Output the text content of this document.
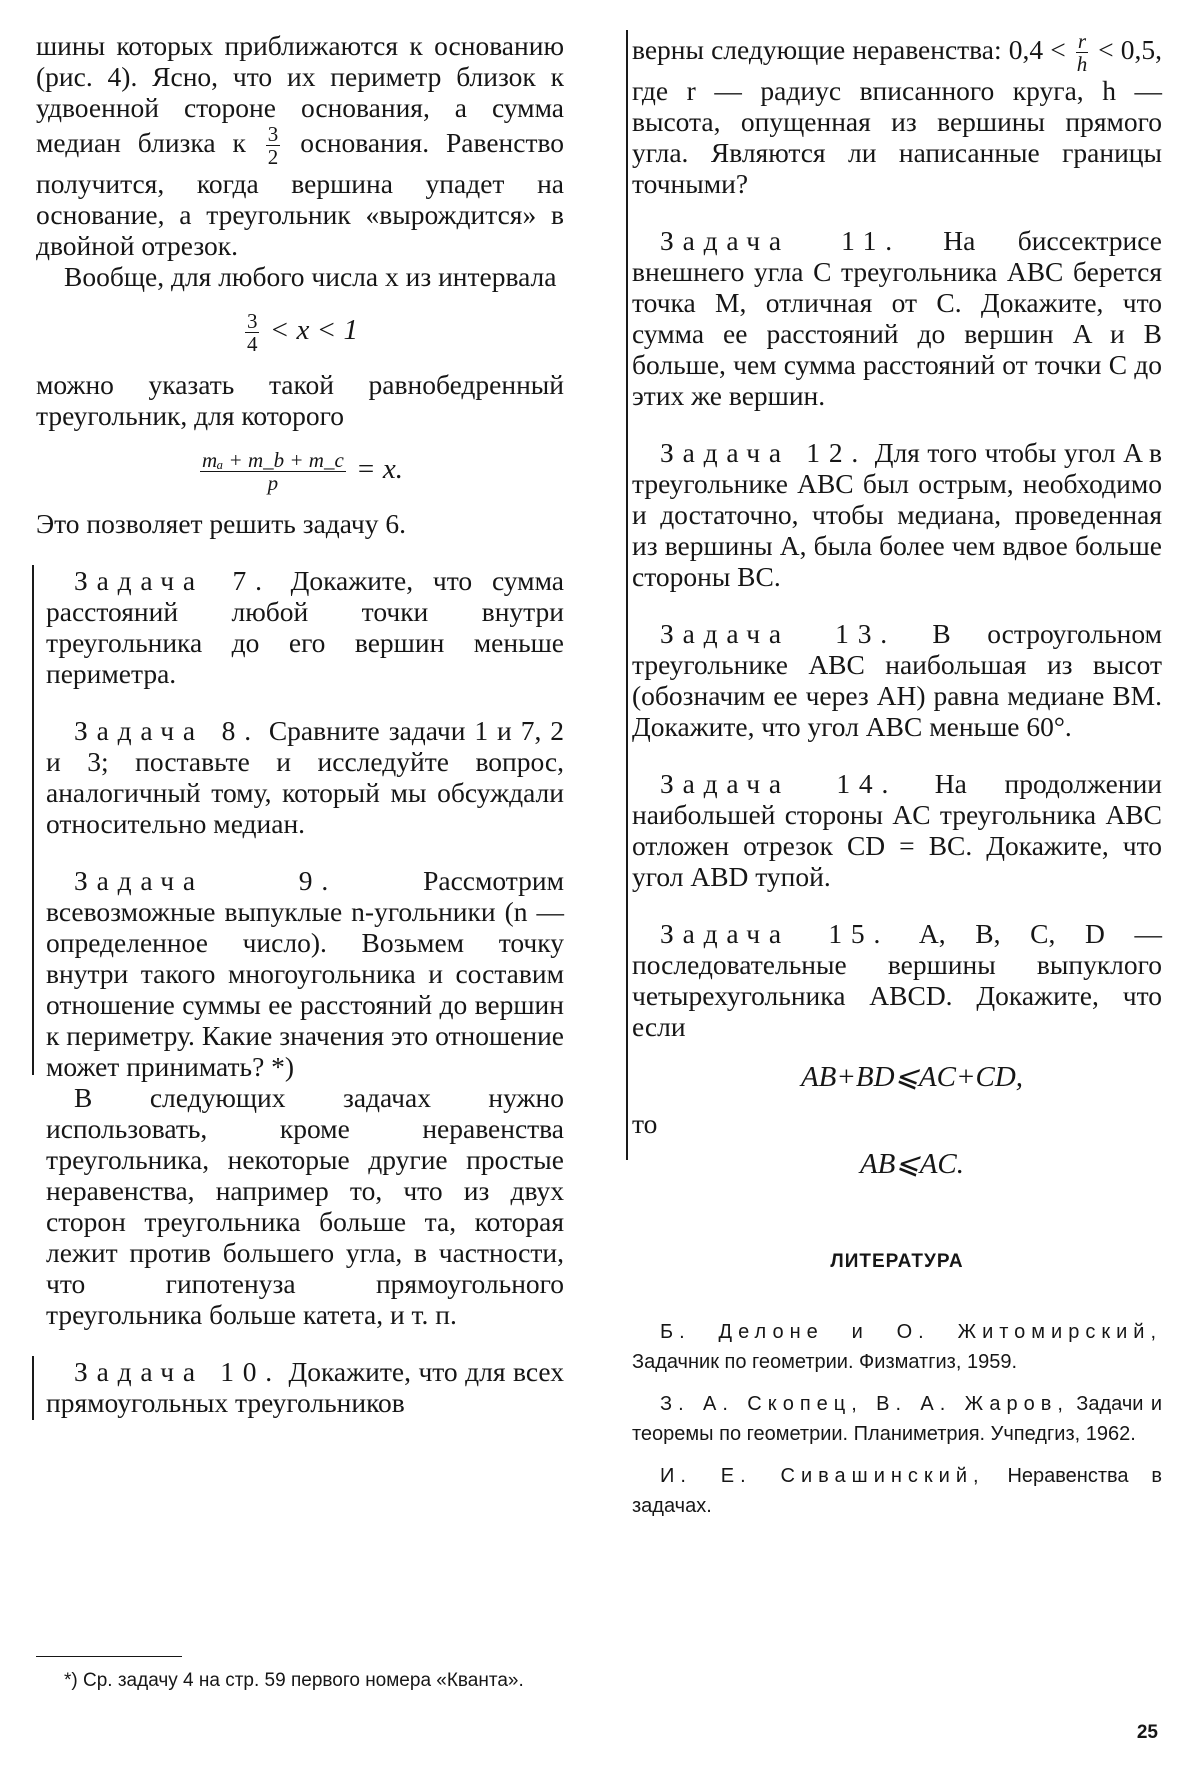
шины которых приближаются к основанию (рис. 4). Ясно, что их периметр близок к удвоенной стороне основания, а сумма медиан близка к $\frac{3}{2}$ основания. Равенство получится, когда вершина упадет на основание, а треугольник «вырождится» в двойной отрезок.

Вообще, для любого числа x из интервала

$\frac{3}{4} < x < 1$

можно указать такой равнобедренный треугольник, для которого

$\frac{\text{mₐ + m\_b + m\_c}}{p} = x$.

Это позволяет решить задачу 6.

Задача 7. Докажите, что сумма расстояний любой точки внутри треугольника до его вершин меньше периметра.

Задача 8. Сравните задачи 1 и 7, 2 и 3; поставьте и исследуйте вопрос, аналогичный тому, который мы обсуждали относительно медиан.

Задача 9.	Рассмотрим всевозможные выпуклые n-угольники (n — определенное число). Возьмем точку внутри такого многоугольника и составим отношение суммы ее расстояний до вершин к периметру. Какие значения это отношение может принимать? *)

В следующих задачах нужно использовать, кроме неравенства треугольника, некоторые другие простые неравенства, например то, что из двух сторон треугольника больше та, которая лежит против большего угла, в частности, что гипотенуза прямоугольного треугольника больше катета, и т. п.

Задача 10. Докажите, что для всех прямоугольных треугольников

верны следующие неравенства: $0,4 < \frac{r}{h} < 0,5$, где r — радиус вписанного круга, h — высота, опущенная из вершины прямого угла. Являются ли написанные границы точными?

Задача 11. На биссектрисе внешнего угла C треугольника ABC берется точка M, отличная от C. Докажите, что сумма ее расстояний до вершин A и B больше, чем сумма расстояний от точки C до этих же вершин.

Задача 12. Для того чтобы угол A в треугольнике ABC был острым, необходимо и достаточно, чтобы медиана, проведенная из вершины A, была более чем вдвое больше стороны BC.

Задача 13. В остроугольном треугольнике ABC наибольшая из высот (обозначим ее через AH) равна медиане BM. Докажите, что угол ABC меньше 60°.

Задача 14. На продолжении наибольшей стороны AC треугольника ABC отложен отрезок CD = BC. Докажите, что угол ABD тупой.

Задача 15. A, B, C, D — последовательные вершины выпуклого четырехугольника ABCD. Докажите, что если

AB+BD⩽AC+CD,

то

AB⩽AC.

ЛИТЕРАТУРА

Б. Делоне и О. Житомирский, Задачник по геометрии. Физматгиз, 1959.

З. А. Скопец, В. А. Жаров, Задачи и теоремы по геометрии. Планиметрия. Учпедгиз, 1962.

И. Е. Сивашинский, Неравенства в задачах.

*) Ср. задачу 4 на стр. 59 первого номера «Кванта».

25
